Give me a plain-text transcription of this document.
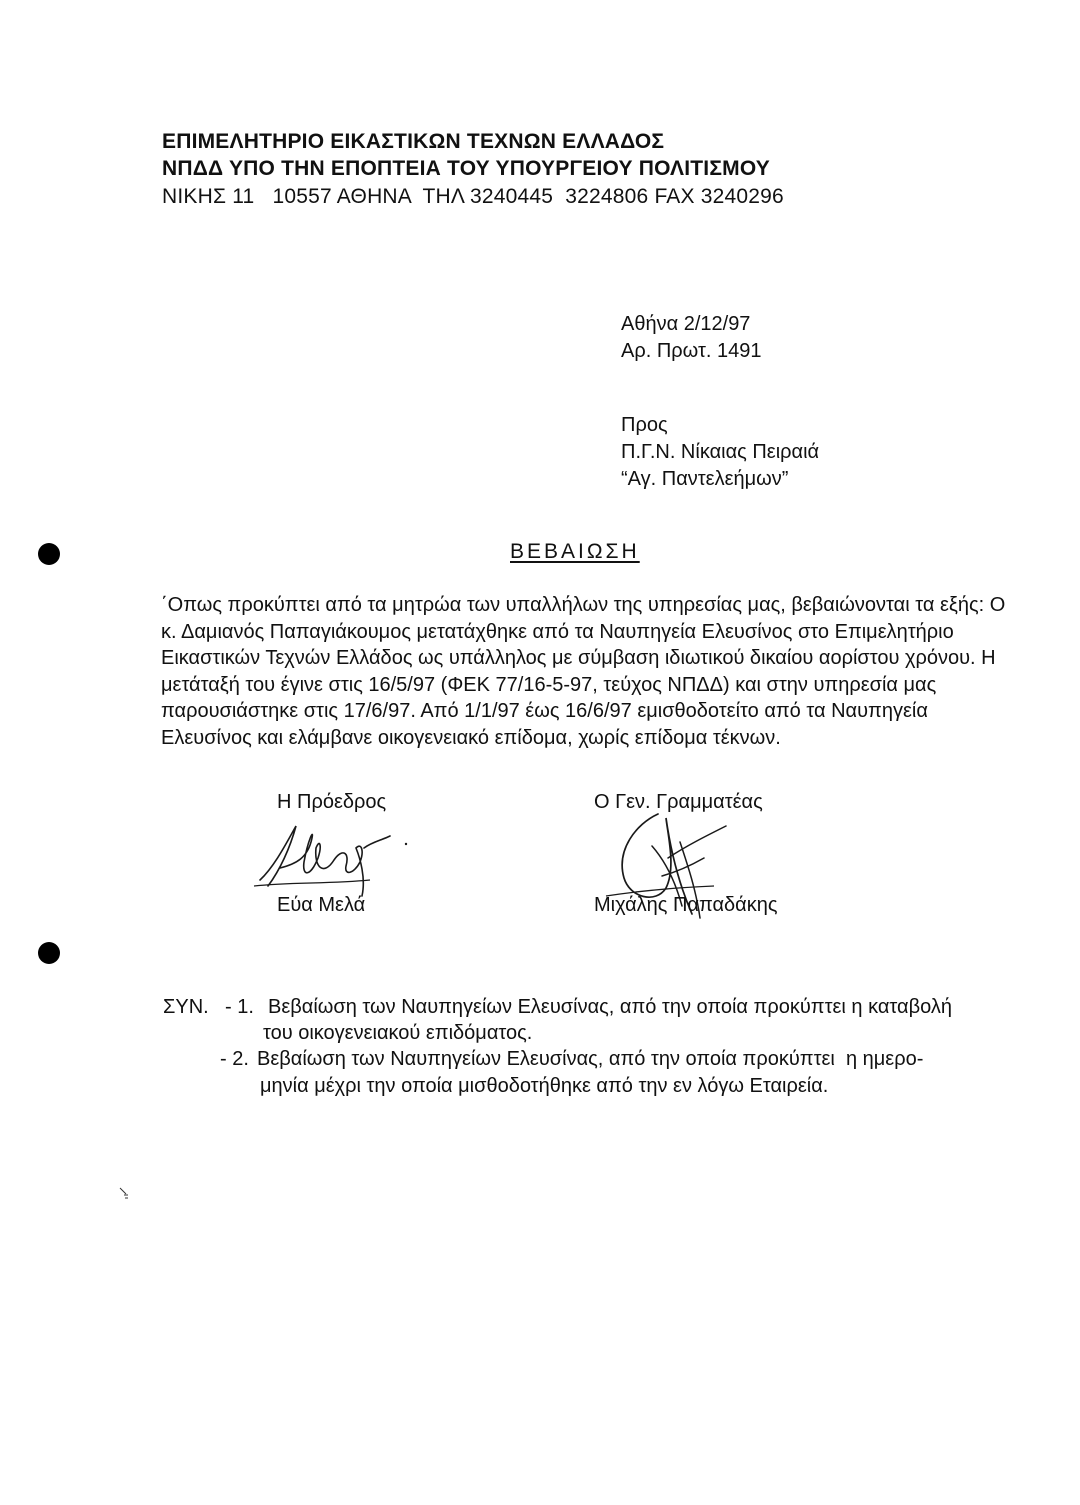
ΕΠΙΜΕΛΗΤΗΡΙΟ ΕΙΚΑΣΤΙΚΩΝ ΤΕΧΝΩΝ ΕΛΛΑΔΟΣ
ΝΠΔΔ ΥΠΟ ΤΗΝ ΕΠΟΠΤΕΙΑ ΤΟΥ ΥΠΟΥΡΓΕΙΟΥ ΠΟΛΙΤΙΣΜΟΥ
ΝΙΚΗΣ 11   10557 ΑΘΗΝΑ  ΤΗΛ 3240445  3224806 FAX 3240296
Αθήνα 2/12/97
Αρ. Πρωτ. 1491
Προς
Π.Γ.Ν. Νίκαιας Πειραιά
“Αγ. Παντελεήμων”
ΒΕΒΑΙΩΣΗ

΄Οπως προκύπτει από τα μητρώα των υπαλλήλων της υπηρεσίας μας, βεβαιώνονται τα εξής: Ο κ. Δαμιανός Παπαγιάκουμος μετατάχθηκε από τα Ναυπηγεία Ελευσίνος στο Επιμελητήριο Εικαστικών Τεχνών Ελλάδος ως υπάλληλος με σύμβαση ιδιωτικού δικαίου αορίστου χρόνου. Η μετάταξή του έγινε στις 16/5/97 (ΦΕΚ 77/16-5-97, τεύχος ΝΠΔΔ) και στην υπηρεσία μας παρουσιάστηκε στις 17/6/97. Από 1/1/97 έως 16/6/97 εμισθοδοτείτο από τα Ναυπηγεία Ελευσίνος και ελάμβανε οικογενειακό επίδομα, χωρίς επίδομα τέκνων.

Η Πρόεδρος
Εύα Μελά
Ο Γεν. Γραμματέας
Μιχάλης Παπαδάκης
ΣΥΝ. - 1. Βεβαίωση των Ναυπηγείων Ελευσίνας, από την οποία προκύπτει η καταβολή
του οικογενειακού επιδόματος.
- 2. Βεβαίωση των Ναυπηγείων Ελευσίνας, από την οποία προκύπτει  η ημερο-
μηνία μέχρι την οποία μισθοδοτήθηκε από την εν λόγω Εταιρεία.
